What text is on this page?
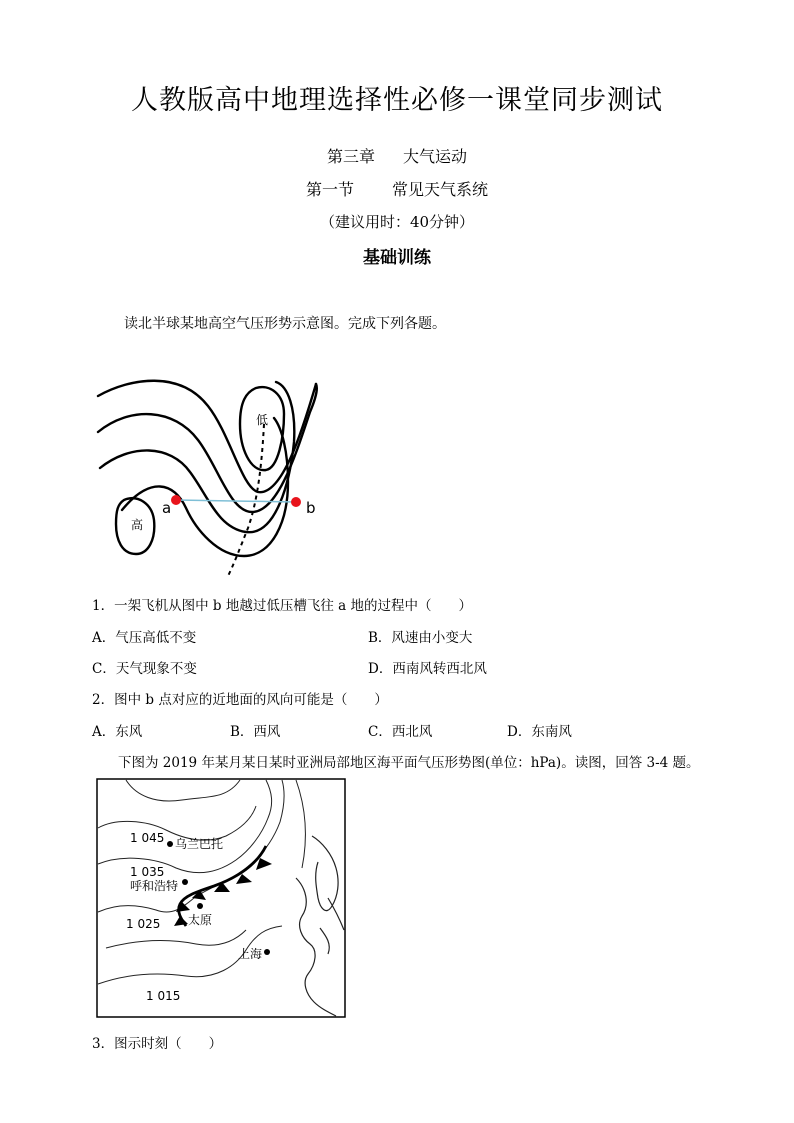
人教版高中地理选择性必修一课堂同步测试
第三章 大气运动
第一节 常见天气系统
（建议用时：40分钟）
基础训练
读北半球某地高空气压形势示意图。完成下列各题。
低
高
a	b
1．一架飞机从图中 b 地越过低压槽飞往 a 地的过程中（　　）
A．气压高低不变	B．风速由小变大
C．天气现象不变	D．西南风转西北风
2．图中 b 点对应的近地面的风向可能是（　　）
A．东风	B．西风	C．西北风	D．东南风
下图为 2019 年某月某日某时亚洲局部地区海平面气压形势图(单位：hPa)。读图，回答 3-4 题。
1 045
1 035
1 025
1 015
乌兰巴托
呼和浩特
太原
上海
3．图示时刻（　　）
